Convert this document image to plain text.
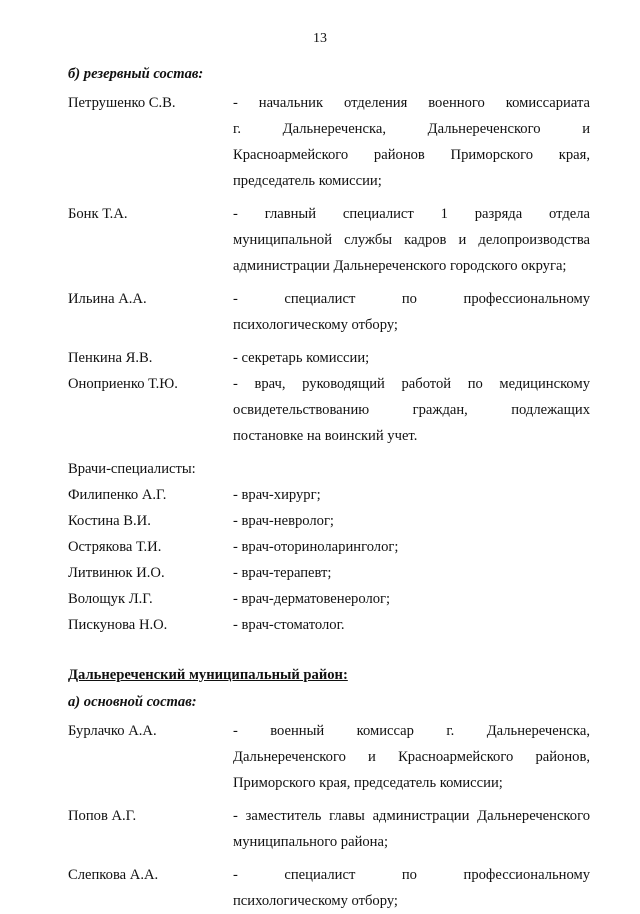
13
б) резервный состав:
Петрушенко С.В.	- начальник отделения военного комиссариата
г. Дальнереченска, Дальнереченского и
Красноармейского районов Приморского края,
председатель комиссии;
Бонк Т.А.	- главный специалист 1 разряда отдела
муниципальной службы кадров и делопроизводства
администрации Дальнереченского городского округа;
Ильина А.А.	- специалист по профессиональному
психологическому отбору;
Пенкина Я.В.	- секретарь комиссии;
Оноприенко Т.Ю.	- врач, руководящий работой по медицинскому
освидетельствованию граждан, подлежащих
постановке на воинский учет.
Врачи-специалисты:
Филипенко А.Г.	- врач-хирург;
Костина В.И.	- врач-невролог;
Острякова Т.И.	- врач-оториноларинголог;
Литвинюк И.О.	- врач-терапевт;
Волощук Л.Г.	- врач-дерматовенеролог;
Пискунова Н.О.	- врач-стоматолог.
Дальнереченский муниципальный район:
а) основной состав:
Бурлачко А.А.	- военный комиссар г. Дальнереченска,
Дальнереченского и Красноармейского районов,
Приморского края, председатель комиссии;
Попов А.Г.	- заместитель главы администрации Дальнереченского
муниципального района;
Слепкова А.А.	- специалист по профессиональному
психологическому отбору;
